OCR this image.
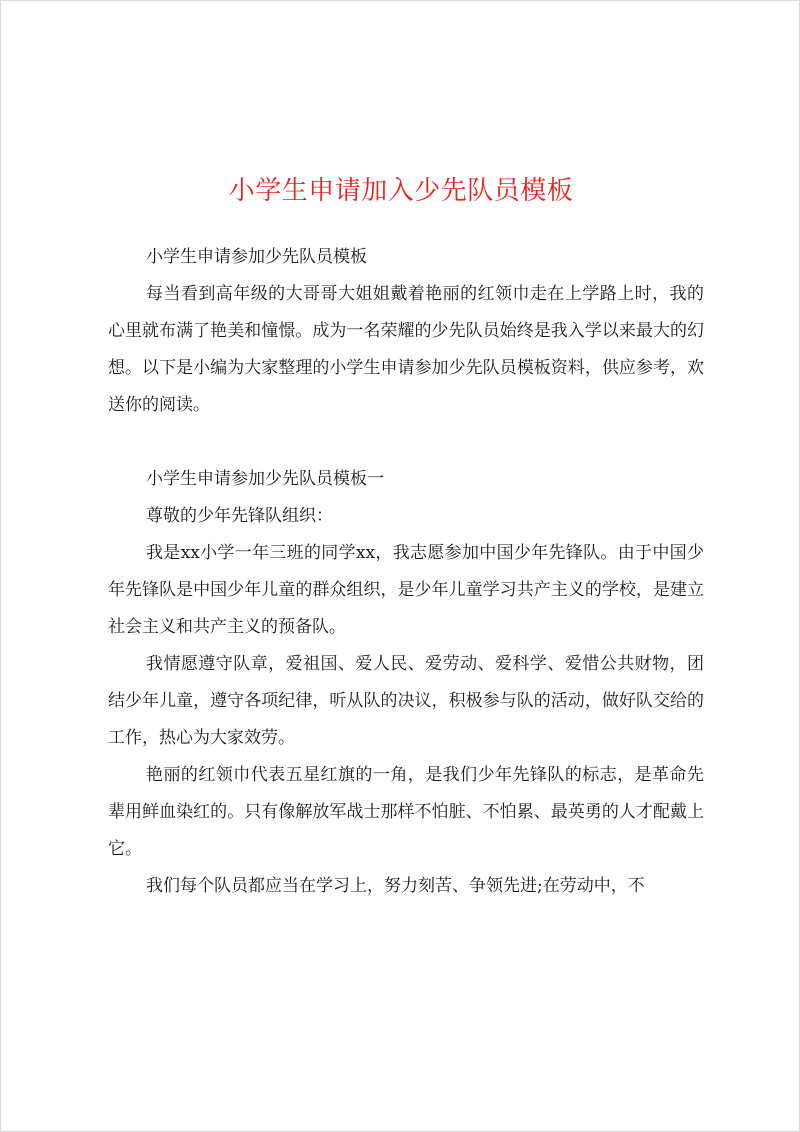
小学生申请加入少先队员模板

小学生申请参加少先队员模板

每当看到高年级的大哥哥大姐姐戴着艳丽的红领巾走在上学路上时，我的心里就布满了艳美和憧憬。成为一名荣耀的少先队员始终是我入学以来最大的幻想。以下是小编为大家整理的小学生申请参加少先队员模板资料，供应参考，欢送你的阅读。

小学生申请参加少先队员模板一

尊敬的少年先锋队组织：

我是xx小学一年三班的同学xx，我志愿参加中国少年先锋队。由于中国少年先锋队是中国少年儿童的群众组织，是少年儿童学习共产主义的学校，是建立社会主义和共产主义的预备队。

我情愿遵守队章，爱祖国、爱人民、爱劳动、爱科学、爱惜公共财物，团结少年儿童，遵守各项纪律，听从队的决议，积极参与队的活动，做好队交给的工作，热心为大家效劳。

艳丽的红领巾代表五星红旗的一角，是我们少年先锋队的标志，是革命先辈用鲜血染红的。只有像解放军战士那样不怕脏、不怕累、最英勇的人才配戴上它。

我们每个队员都应当在学习上，努力刻苦、争领先进;在劳动中，不
